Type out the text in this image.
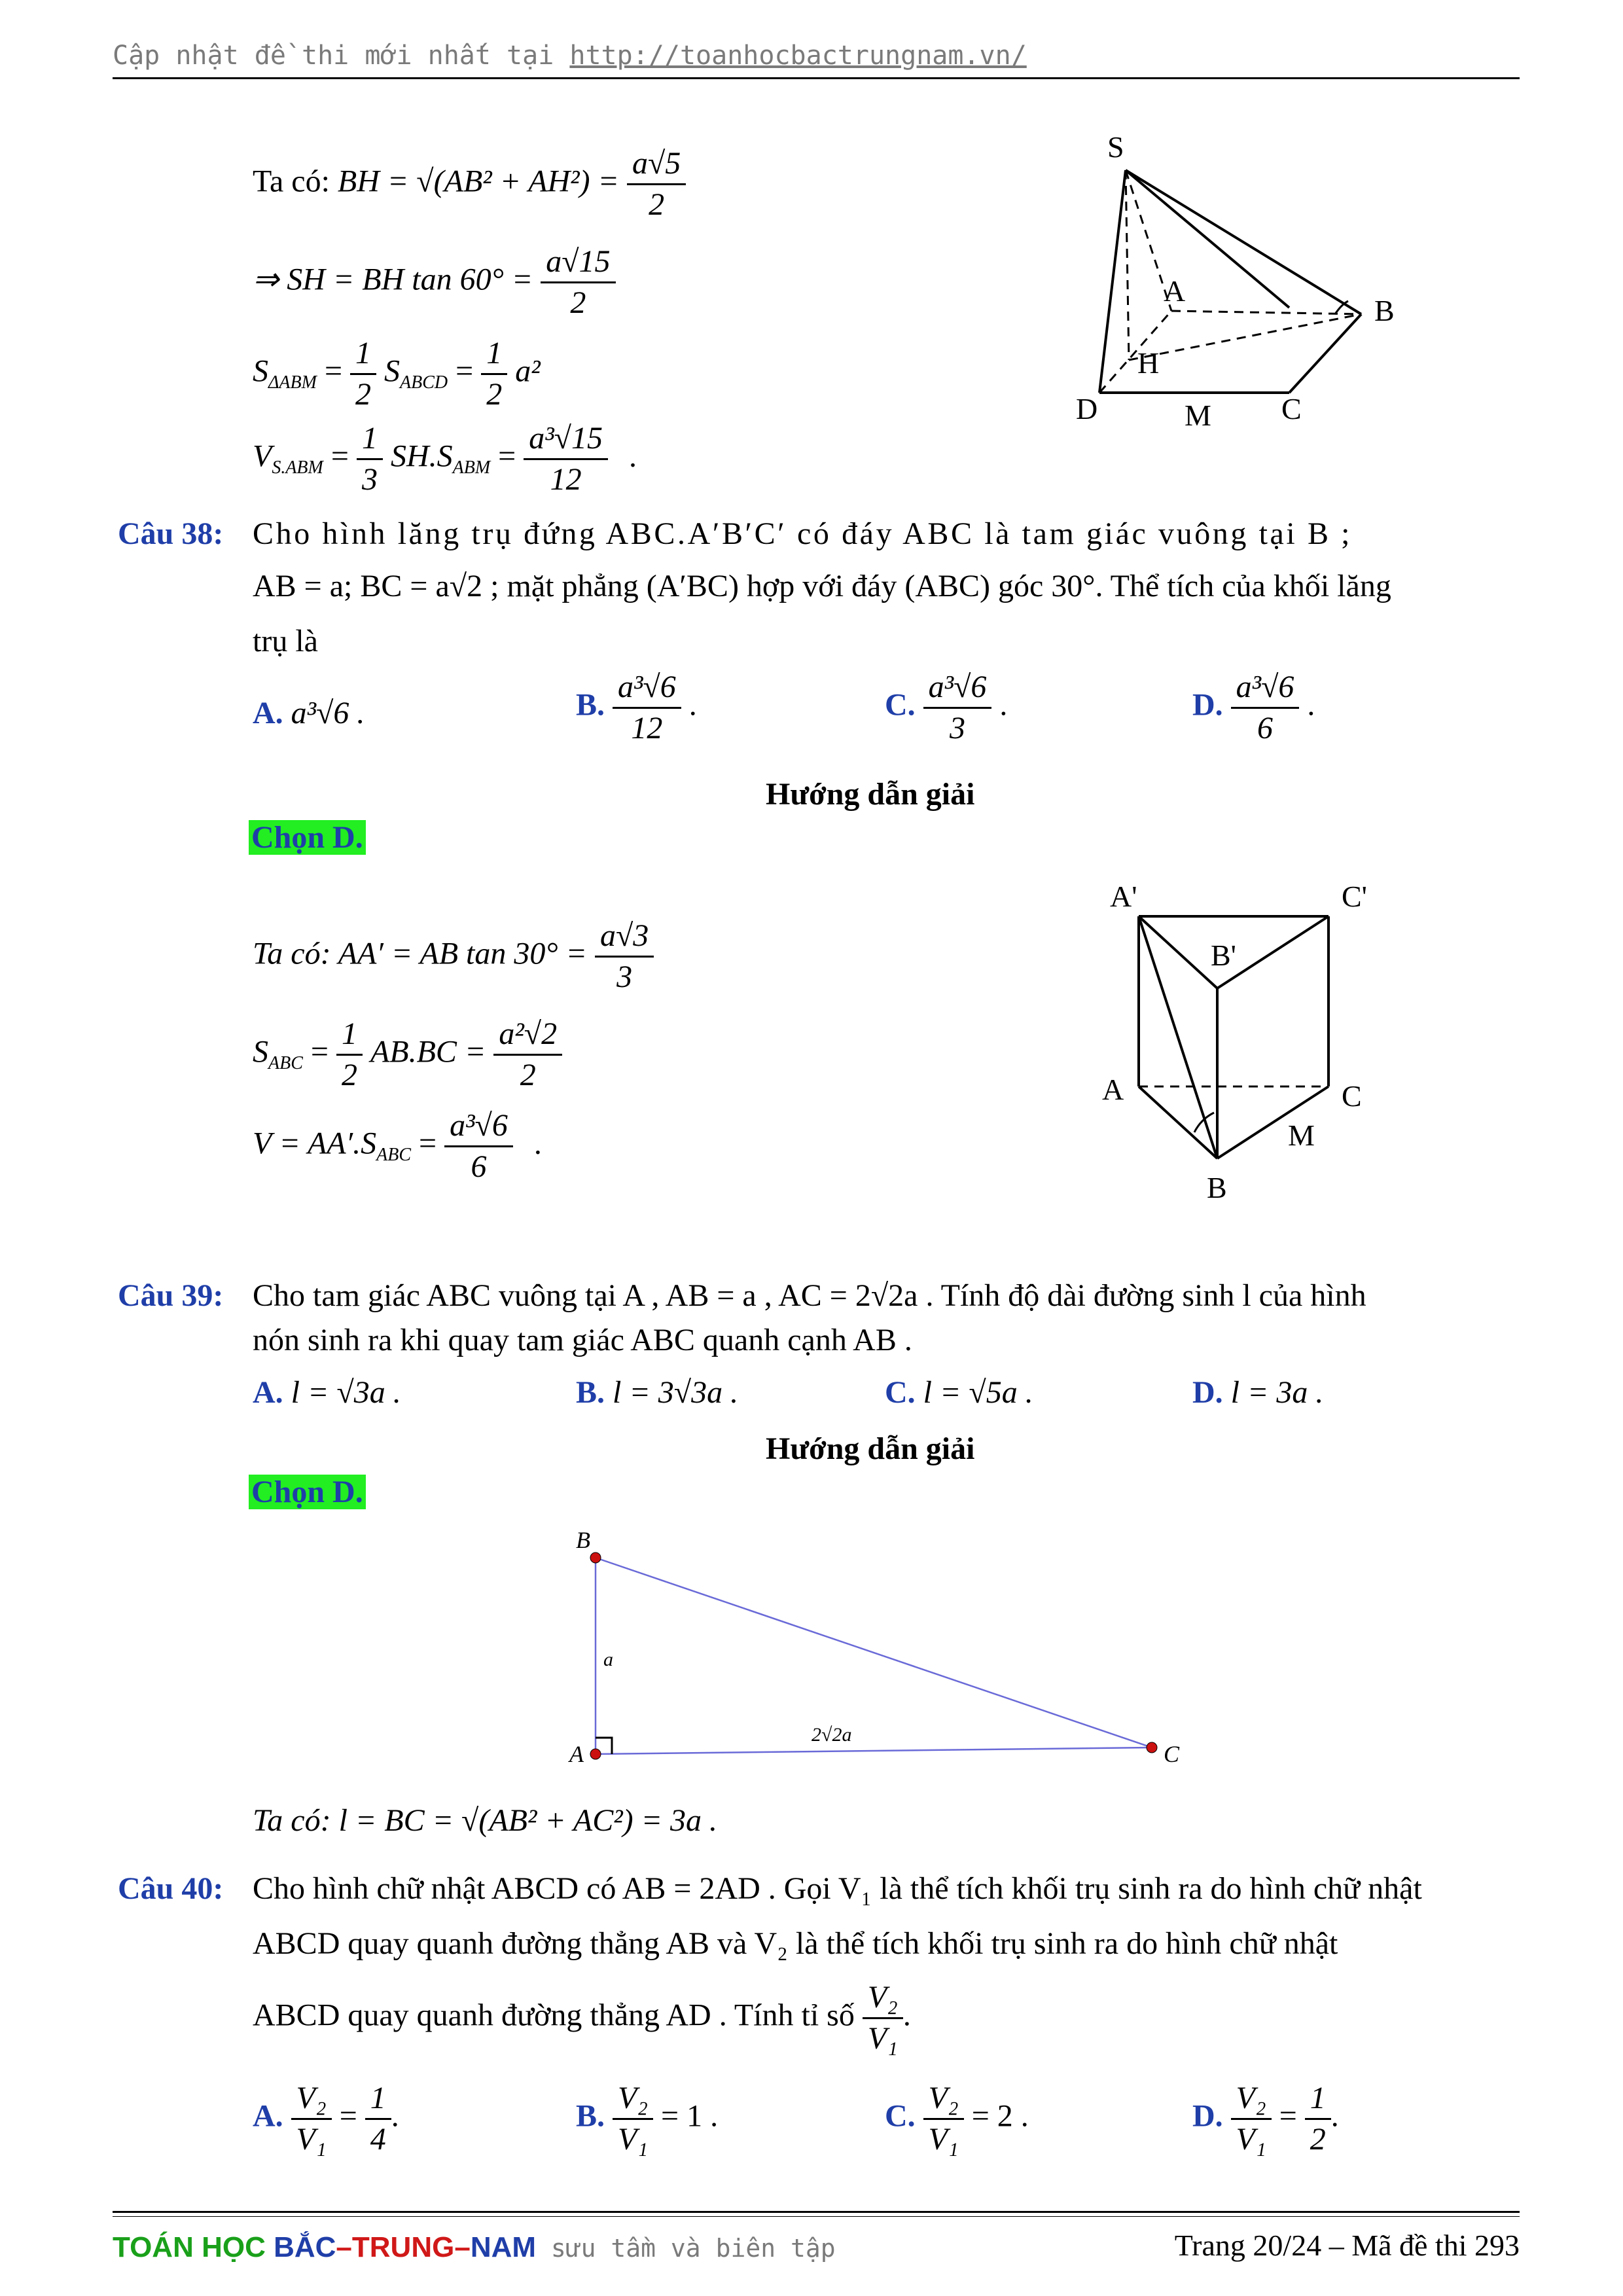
Cập nhật đề thi mới nhất tại http://toanhocbactrungnam.vn/
Ta có: BH = $√(AB^2 + AH^2) = \frac{a√5}{2}$
⇒ SH = BH $\tan 60^\circ = \frac{a√15}{2}$
$S_{\Delta ABM} = \frac{1}{2} S_{ABCD} = \frac{1}{2} a^2$
$V_{S.ABM} = \frac{1}{3} SH.S_{ABM} = \frac{\text{a³√15}}{12}$ .
S
A
B
H
D	M C
Câu 38: Cho hình lăng trụ đứng ABC.A′B′C′ có đáy ABC là tam giác vuông tại B ;
AB = a; BC = a√2 ; mặt phẳng (A′BC) hợp với đáy (ABC) góc 30°. Thể tích của khối lăng
trụ là
A. a³√6 .	B. $\frac{\text{a³√6}}{12}$ .	C. $\frac{\text{a³√6}}{3}$ .	D. $\frac{\text{a³√6}}{6}$ .
Hướng dẫn giải
Chọn D.
Ta có: AA′ = AB $\tan 30^\circ = \frac{a√3}{3}$
$S_{ABC} = \frac{1}{2} AB.BC = \frac{\text{a²√2}}{2}$
$V = AA'.S_{ABC} = \frac{\text{a³√6}}{6}$ .
A'	C'
B'
A	C
M
B
Câu 39: Cho tam giác ABC vuông tại A , AB = a , AC = 2√2a . Tính độ dài đường sinh l của hình
nón sinh ra khi quay tam giác ABC quanh cạnh AB .
A. l = √3a .	B. l = 3√3a .	C. l = √5a .	D. l = 3a .
Hướng dẫn giải
Chọn D.
B
A	C
a
2√2a
Ta có: l = BC = √(AB² + AC²) = 3a .
Câu 40: Cho hình chữ nhật ABCD có AB = 2AD . Gọi V₁ là thể tích khối trụ sinh ra do hình chữ nhật
ABCD quay quanh đường thẳng AB và V₂ là thể tích khối trụ sinh ra do hình chữ nhật
ABCD quay quanh đường thẳng AD . Tính tỉ số $\frac{\text{V₂}}{\text{V₁}}$ .
A. $\frac{\text{V₂}}{\text{V₁}} = \frac{1}{4}$ .	B. $\frac{\text{V₂}}{\text{V₁}} = 1$ .	C. $\frac{\text{V₂}}{\text{V₁}} = 2$ .	D. $\frac{\text{V₂}}{\text{V₁}} = \frac{1}{2}$ .
TOÁN HỌC BẮC–TRUNG–NAM sưu tầm và biên tập	Trang 20/24 – Mã đề thi 293
